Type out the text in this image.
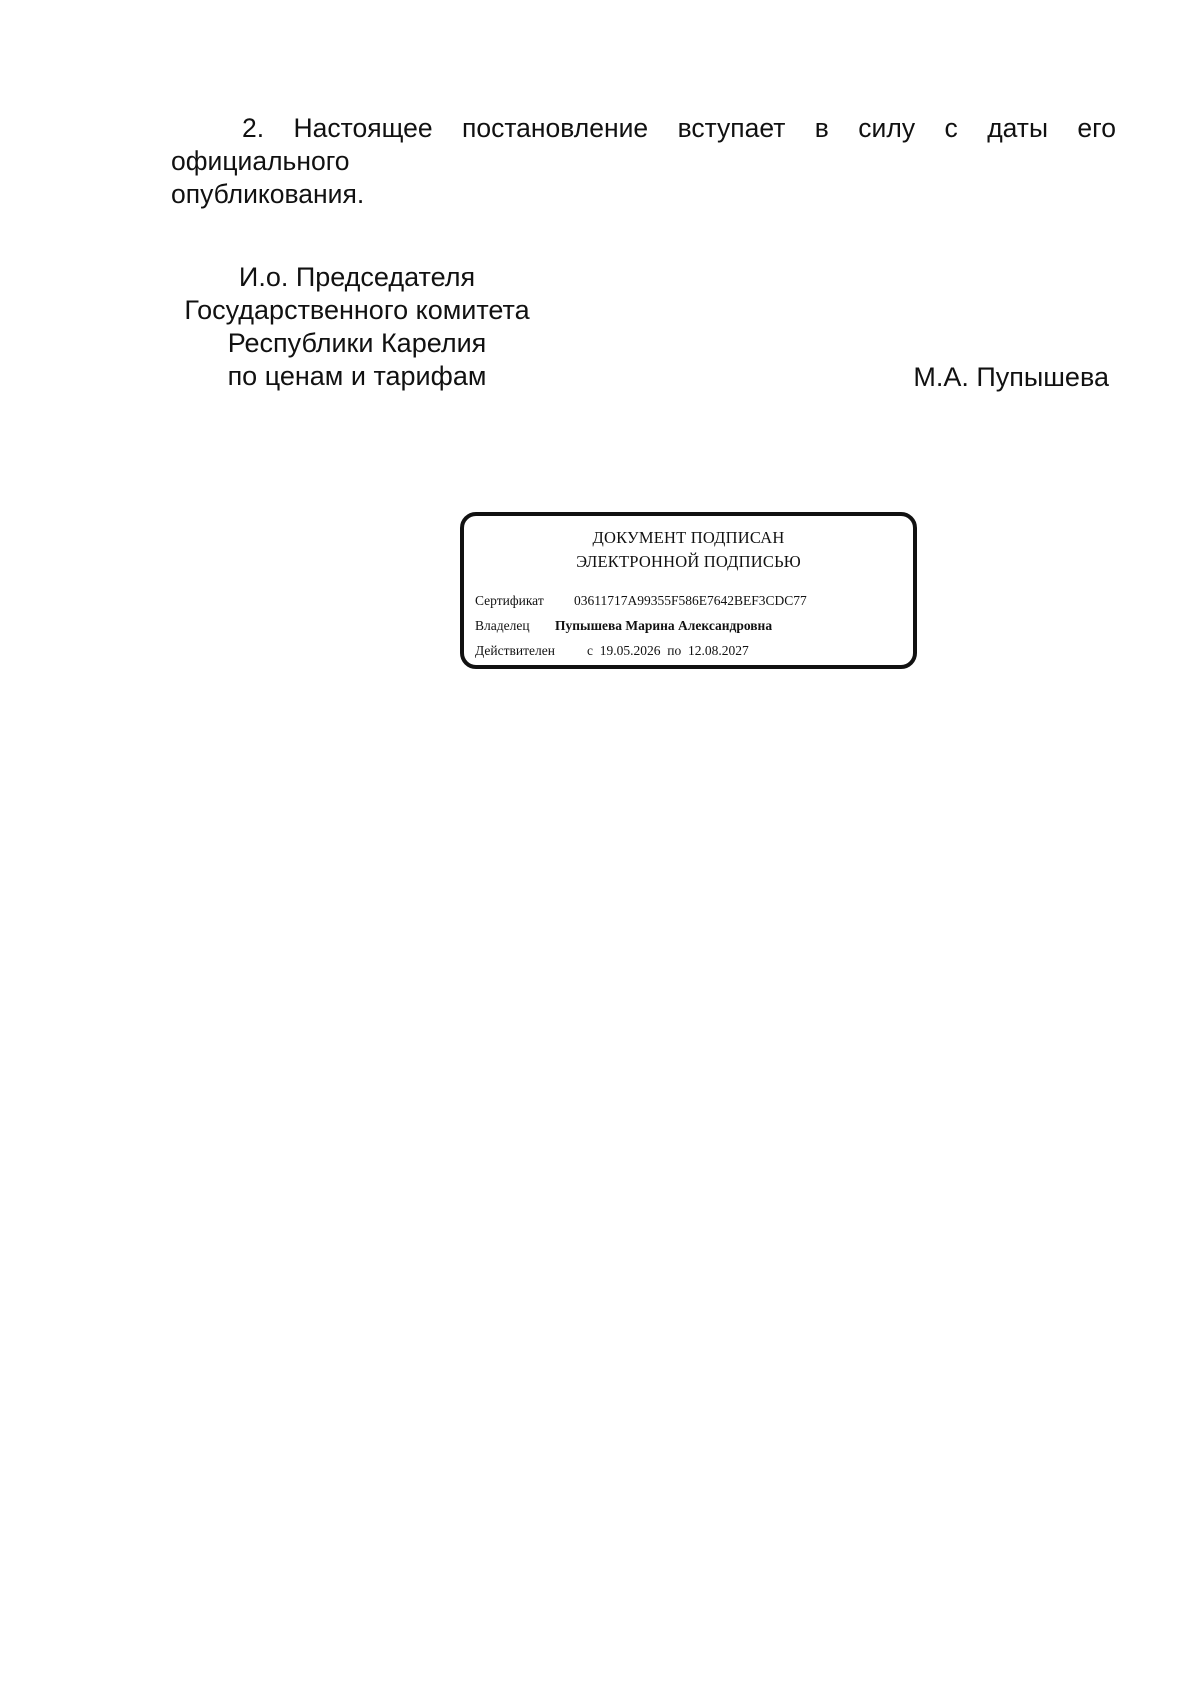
2. Настоящее постановление вступает в силу с даты его официального
опубликования.
И.о. Председателя
Государственного комитета
Республики Карелия
по ценам и тарифам	М.А. Пупышева
ДОКУМЕНТ ПОДПИСАН
ЭЛЕКТРОННОЙ ПОДПИСЬЮ
Сертификат 03611717A99355F586E7642BEF3CDC77
Владелец Пупышева Марина Александровна
Действителен с 19.05.2026 по 12.08.2027
